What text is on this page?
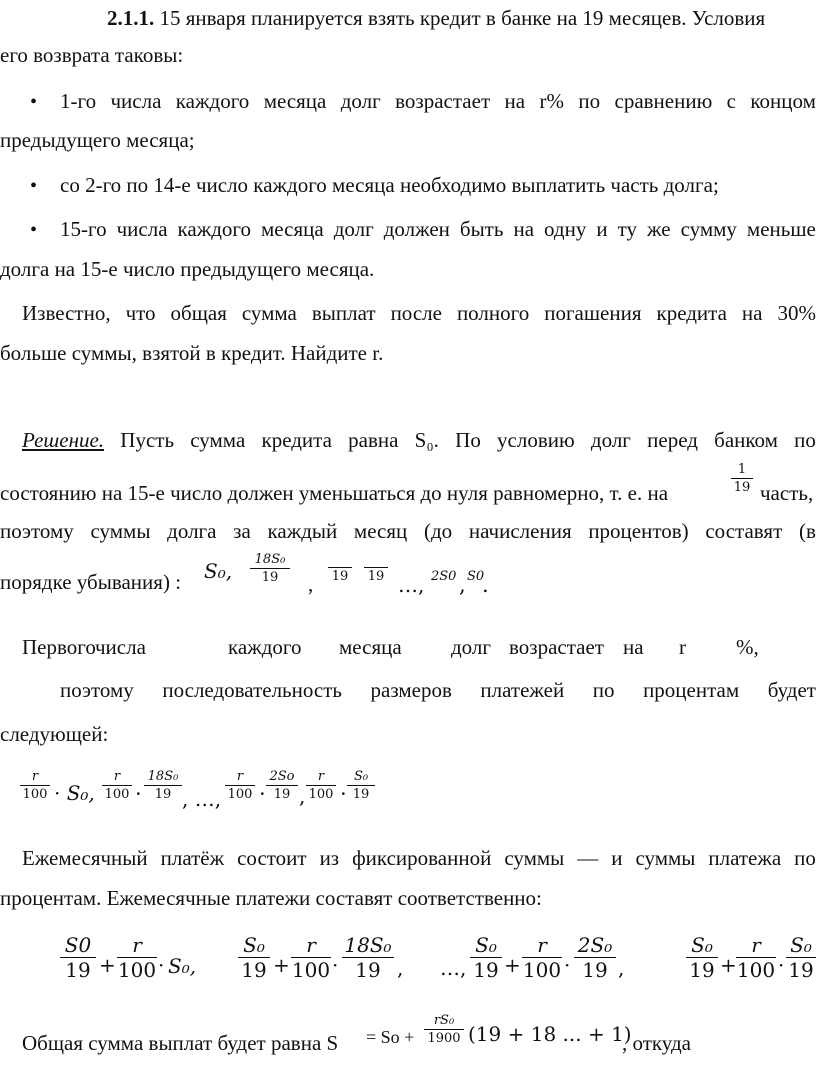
2.1.1. 15 января планируется взять кредит в банке на 19 месяцев. Условия
его возврата таковы:
• 1-го числа каждого месяца долг возрастает на r% по сравнению с концом
предыдущего месяца;
• со 2-го по 14-е число каждого месяца необходимо выплатить часть долга;
• 15-го числа каждого месяца долг должен быть на одну и ту же сумму меньше
долга на 15-е число предыдущего месяца.
Известно, что общая сумма выплат после полного погашения кредита на 30%
больше суммы, взятой в кредит. Найдите r.
Решение. Пусть сумма кредита равна S₀. По условию долг перед банком по
состоянию на 15-е число должен уменьшаться до нуля равномерно, т. е. на
1
19 часть,
поэтому суммы долга за каждый месяц (до начисления процентов) составят (в
порядке убывания) : S₀,	18S₀
19	, 19 19 …, 2S0 , S0
.
Первого числа	каждого месяца долг возрастает на r %,
поэтому последовательность размеров платежей по процентам будет
следующей:
r
100 · S₀,
r
100 ·
18S₀
19 , …,
r
100 ·
2So
19 ,
r
100 ·
S₀
19
Ежемесячный платёж состоит из фиксированной суммы — и суммы платежа по
процентам. Ежемесячные платежи составят соответственно:
S0
19 +
r
100 · S₀,
S₀
19 +
r
100 ·
18S₀
19 , …,
S₀
19 +
r
100 ·
2S₀
19 ,
S₀
19 +
r
100 ·
S₀
19
Общая сумма выплат будет равна S = So +
rS₀
1900 (19 + 18 ... + 1)
, откуда
